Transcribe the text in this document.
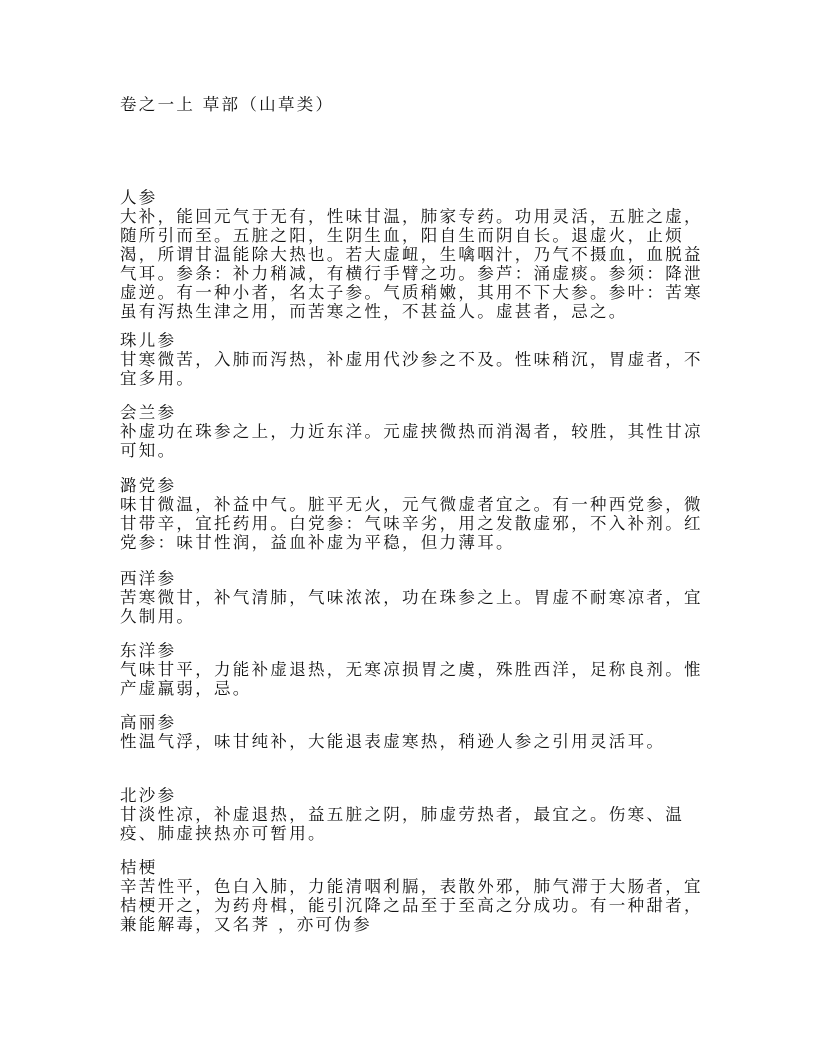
卷之一上 草部（山草类）

人参

大补，能回元气于无有，性味甘温，肺家专药。功用灵活，五脏之虚，随所引而至。五脏之阳，生阴生血，阳自生而阴自长。退虚火，止烦渴，所谓甘温能除大热也。若大虚衄，生噙咽汁，乃气不摄血，血脱益气耳。参条：补力稍减，有横行手臂之功。参芦：涌虚痰。参须：降泄虚逆。有一种小者，名太子参。气质稍嫩，其用不下大参。参叶：苦寒虽有泻热生津之用，而苦寒之性，不甚益人。虚甚者，忌之。

珠儿参

甘寒微苦，入肺而泻热，补虚用代沙参之不及。性味稍沉，胃虚者，不宜多用。

会兰参

补虚功在珠参之上，力近东洋。元虚挟微热而消渴者，较胜，其性甘凉可知。

潞党参

味甘微温，补益中气。脏平无火，元气微虚者宜之。有一种西党参，微甘带辛，宜托药用。白党参：气味辛劣，用之发散虚邪，不入补剂。红党参：味甘性润，益血补虚为平稳，但力薄耳。

西洋参

苦寒微甘，补气清肺，气味浓浓，功在珠参之上。胃虚不耐寒凉者，宜久制用。

东洋参

气味甘平，力能补虚退热，无寒凉损胃之虞，殊胜西洋，足称良剂。惟产虚羸弱，忌。

高丽参

性温气浮，味甘纯补，大能退表虚寒热，稍逊人参之引用灵活耳。

北沙参

甘淡性凉，补虚退热，益五脏之阴，肺虚劳热者，最宜之。伤寒、温疫、肺虚挟热亦可暂用。

桔梗

辛苦性平，色白入肺，力能清咽利膈，表散外邪，肺气滞于大肠者，宜桔梗开之，为药舟楫，能引沉降之品至于至高之分成功。有一种甜者，兼能解毒，又名荠 ，亦可伪参
